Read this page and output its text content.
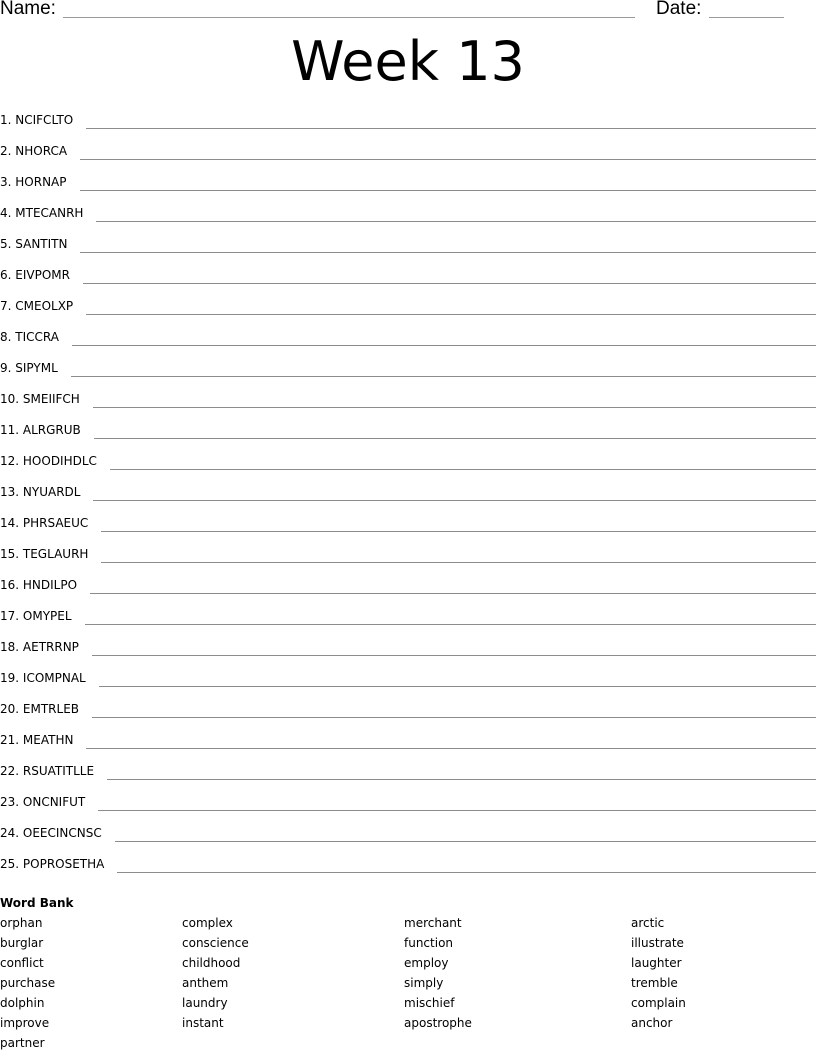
Name:	Date:
Week 13
1. NCIFCLTO
2. NHORCA
3. HORNAP
4. MTECANRH
5. SANTITN
6. EIVPOMR
7. CMEOLXP
8. TICCRA
9. SIPYML
10. SMEIIFCH
11. ALRGRUB
12. HOODIHDLC
13. NYUARDL
14. PHRSAEUC
15. TEGLAURH
16. HNDILPO
17. OMYPEL
18. AETRRNP
19. ICOMPNAL
20. EMTRLEB
21. MEATHN
22. RSUATITLLE
23. ONCNIFUT
24. OEECINCNSC
25. POPROSETHA
Word Bank
orphan
burglar
conflict
purchase
dolphin
improve
partner
complex
conscience
childhood
anthem
laundry
instant
merchant
function
employ
simply
mischief
apostrophe
arctic
illustrate
laughter
tremble
complain
anchor
